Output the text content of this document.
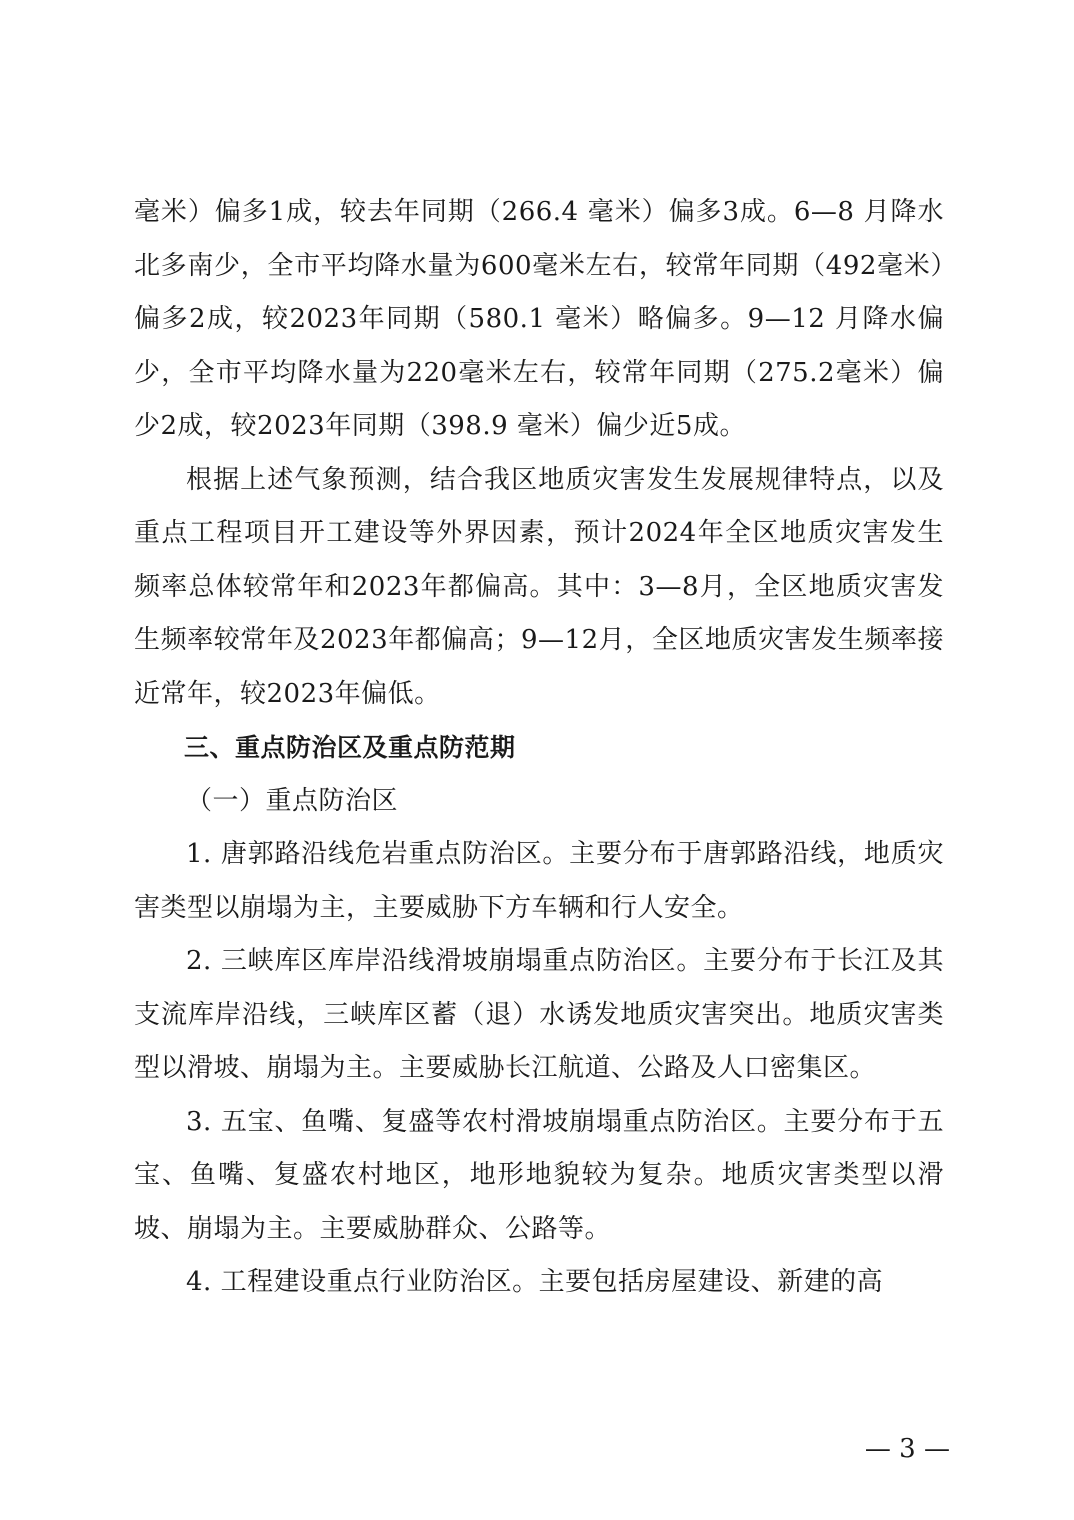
毫米）偏多1成，较去年同期（266.4 毫米）偏多3成。6—8 月降水北多南少，全市平均降水量为600毫米左右，较常年同期（492毫米）偏多2成，较2023年同期（580.1 毫米）略偏多。9—12 月降水偏少，全市平均降水量为220毫米左右，较常年同期（275.2毫米）偏少2成，较2023年同期（398.9 毫米）偏少近5成。

根据上述气象预测，结合我区地质灾害发生发展规律特点，以及重点工程项目开工建设等外界因素，预计2024年全区地质灾害发生频率总体较常年和2023年都偏高。其中：3—8月，全区地质灾害发生频率较常年及2023年都偏高；9—12月，全区地质灾害发生频率接近常年，较2023年偏低。

三、重点防治区及重点防范期

（一）重点防治区

1. 唐郭路沿线危岩重点防治区。主要分布于唐郭路沿线，地质灾害类型以崩塌为主，主要威胁下方车辆和行人安全。

2. 三峡库区库岸沿线滑坡崩塌重点防治区。主要分布于长江及其支流库岸沿线，三峡库区蓄（退）水诱发地质灾害突出。地质灾害类型以滑坡、崩塌为主。主要威胁长江航道、公路及人口密集区。

3. 五宝、鱼嘴、复盛等农村滑坡崩塌重点防治区。主要分布于五宝、鱼嘴、复盛农村地区，地形地貌较为复杂。地质灾害类型以滑坡、崩塌为主。主要威胁群众、公路等。

4. 工程建设重点行业防治区。主要包括房屋建设、新建的高

— 3 —
